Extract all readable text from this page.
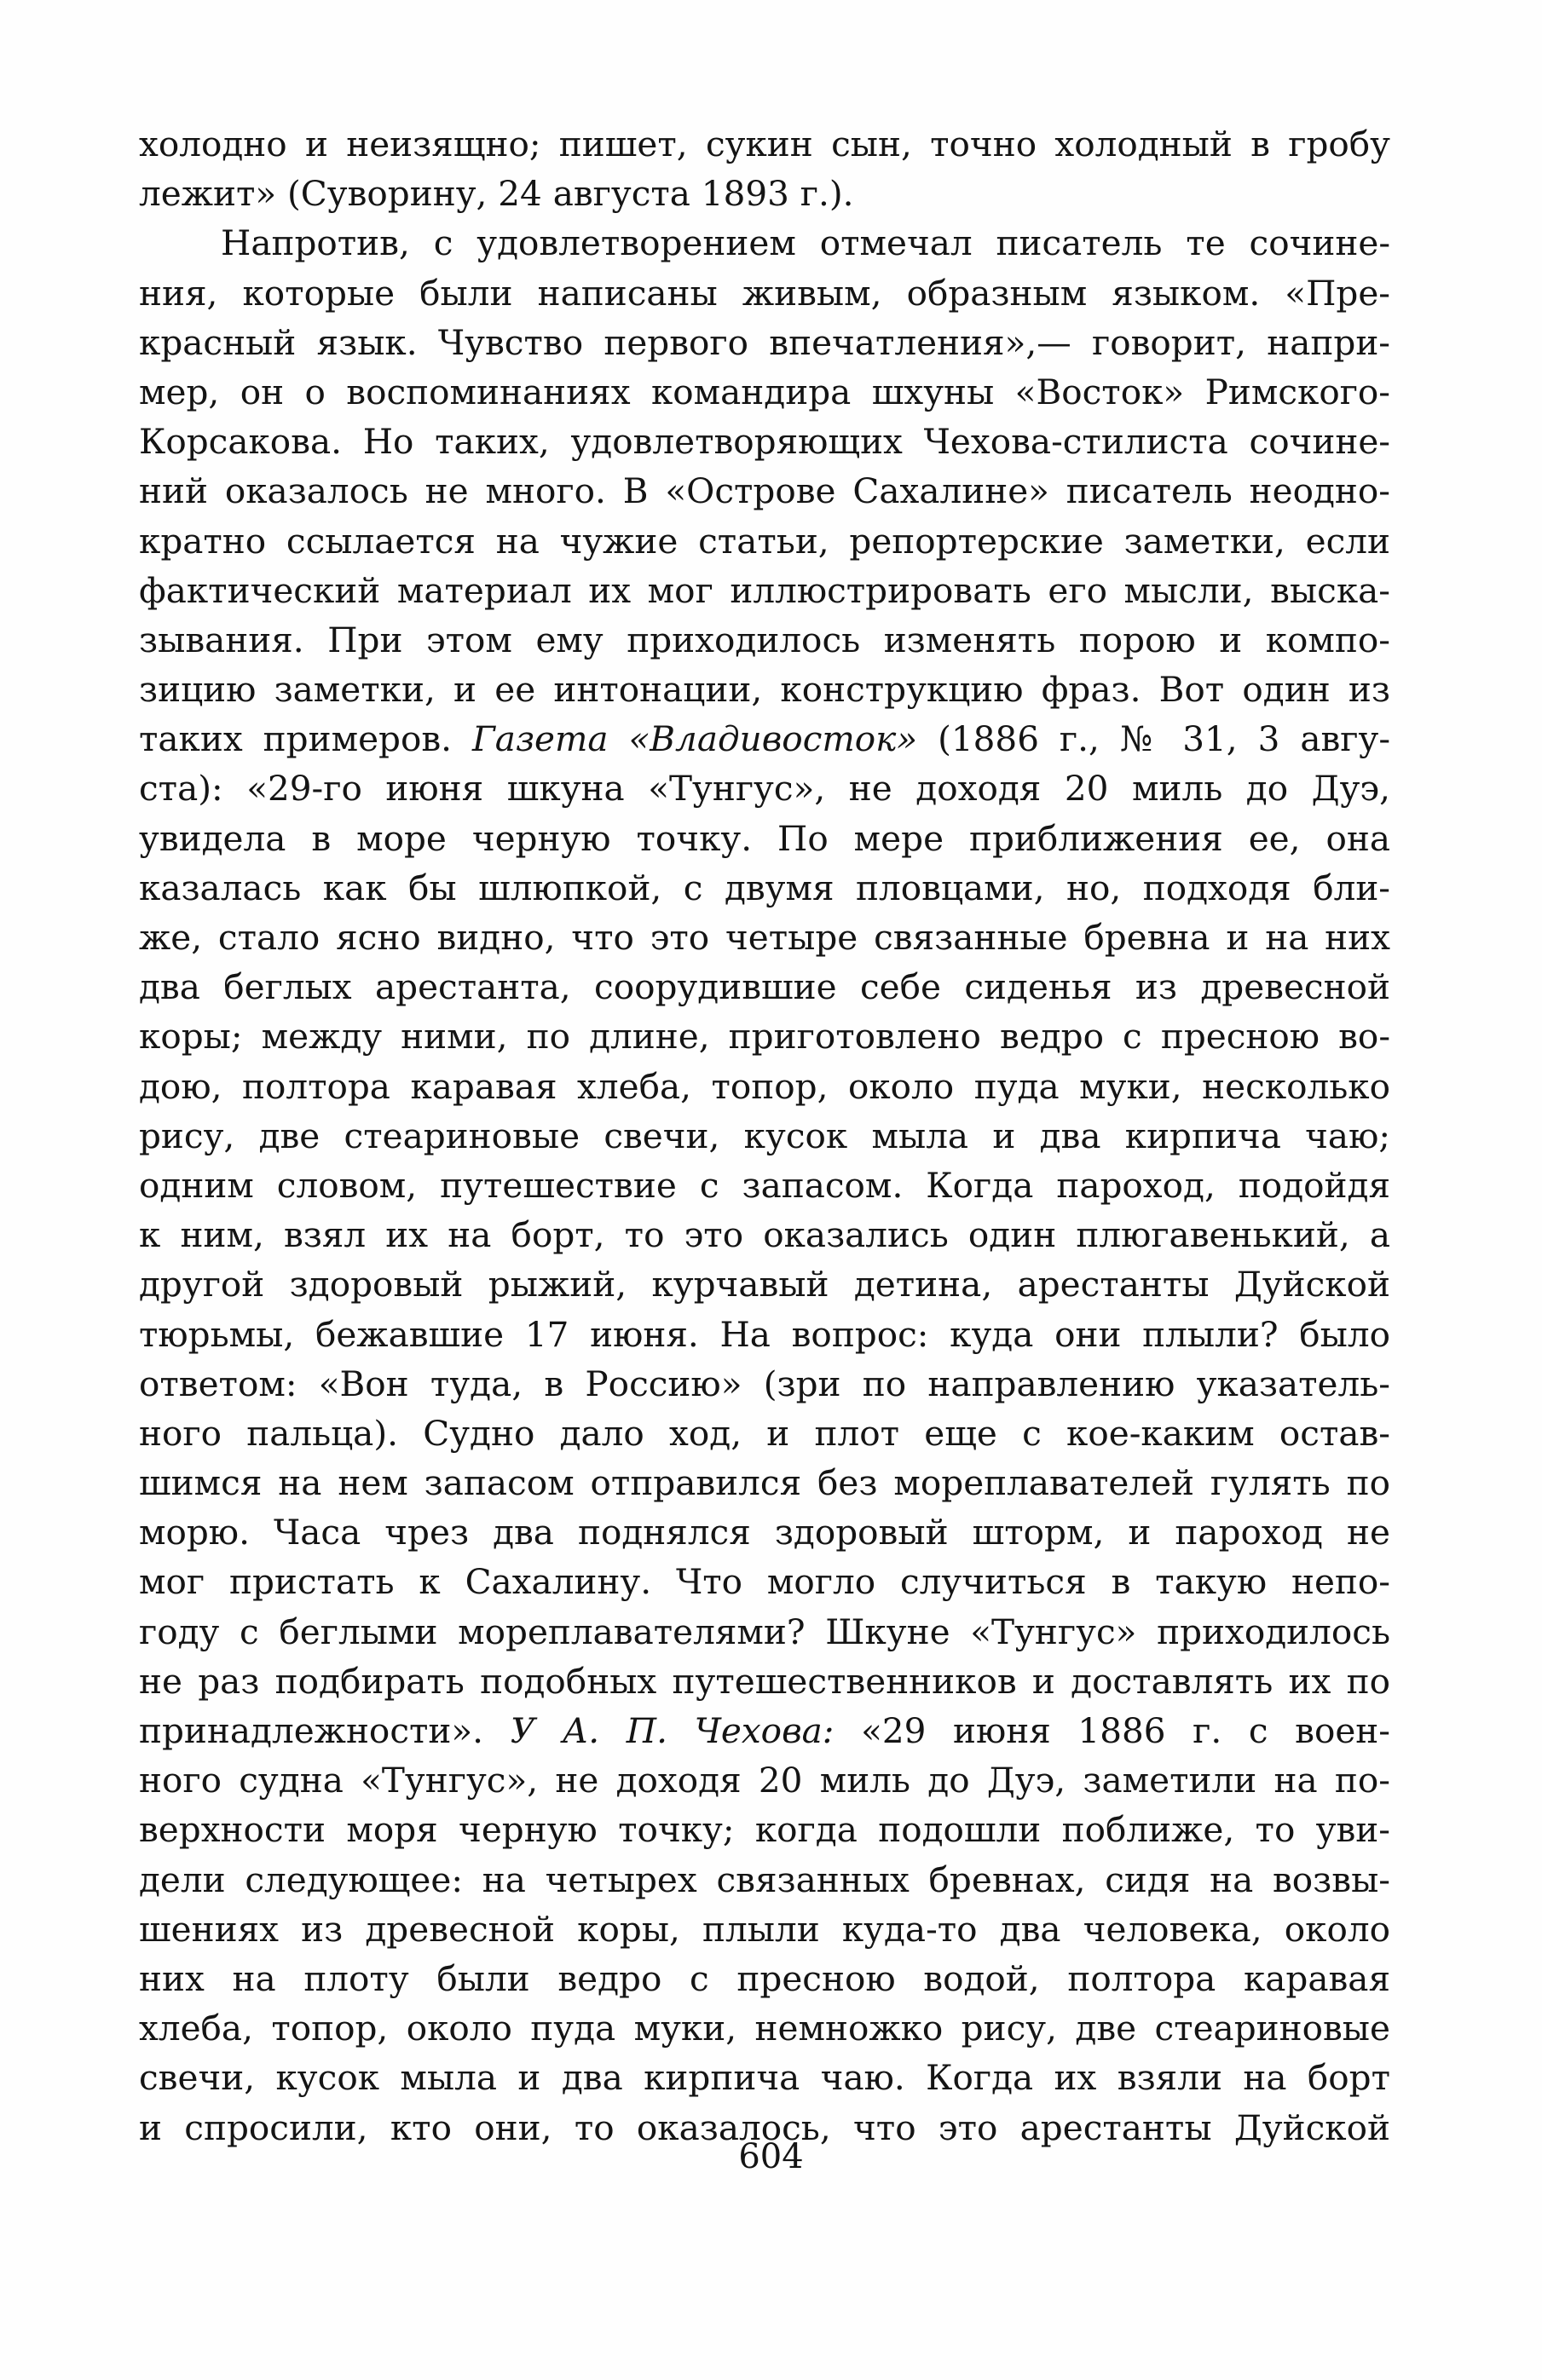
холодно и неизящно; пишет, сукин сын, точно холодный в гробу
лежит» (Суворину, 24 августа 1893 г.).
Напротив, с удовлетворением отмечал писатель те сочине-
ния, которые были написаны живым, образным языком. «Пре-
красный язык. Чувство первого впечатления»,— говорит, напри-
мер, он о воспоминаниях командира шхуны «Восток» Римского-
Корсакова. Но таких, удовлетворяющих Чехова-стилиста сочине-
ний оказалось не много. В «Острове Сахалине» писатель неодно-
кратно ссылается на чужие статьи, репортерские заметки, если
фактический материал их мог иллюстрировать его мысли, выска-
зывания. При этом ему приходилось изменять порою и компо-
зицию заметки, и ее интонации, конструкцию фраз. Вот один из
таких примеров. Газета «Владивосток» (1886 г., № 31, 3 авгу-
ста): «29-го июня шкуна «Тунгус», не доходя 20 миль до Дуэ,
увидела в море черную точку. По мере приближения ее, она
казалась как бы шлюпкой, с двумя пловцами, но, подходя бли-
же, стало ясно видно, что это четыре связанные бревна и на них
два беглых арестанта, соорудившие себе сиденья из древесной
коры; между ними, по длине, приготовлено ведро с пресною во-
дою, полтора каравая хлеба, топор, около пуда муки, несколько
рису, две стеариновые свечи, кусок мыла и два кирпича чаю;
одним словом, путешествие с запасом. Когда пароход, подойдя
к ним, взял их на борт, то это оказались один плюгавенький, а
другой здоровый рыжий, курчавый детина, арестанты Дуйской
тюрьмы, бежавшие 17 июня. На вопрос: куда они плыли? было
ответом: «Вон туда, в Россию» (зри по направлению указатель-
ного пальца). Судно дало ход, и плот еще с кое-каким остав-
шимся на нем запасом отправился без мореплавателей гулять по
морю. Часа чрез два поднялся здоровый шторм, и пароход не
мог пристать к Сахалину. Что могло случиться в такую непо-
году с беглыми мореплавателями? Шкуне «Тунгус» приходилось
не раз подбирать подобных путешественников и доставлять их по
принадлежности». У А. П. Чехова: «29 июня 1886 г. с воен-
ного судна «Тунгус», не доходя 20 миль до Дуэ, заметили на по-
верхности моря черную точку; когда подошли поближе, то уви-
дели следующее: на четырех связанных бревнах, сидя на возвы-
шениях из древесной коры, плыли куда-то два человека, около
них на плоту были ведро с пресною водой, полтора каравая
хлеба, топор, около пуда муки, немножко рису, две стеариновые
свечи, кусок мыла и два кирпича чаю. Когда их взяли на борт
и спросили, кто они, то оказалось, что это арестанты Дуйской
604
